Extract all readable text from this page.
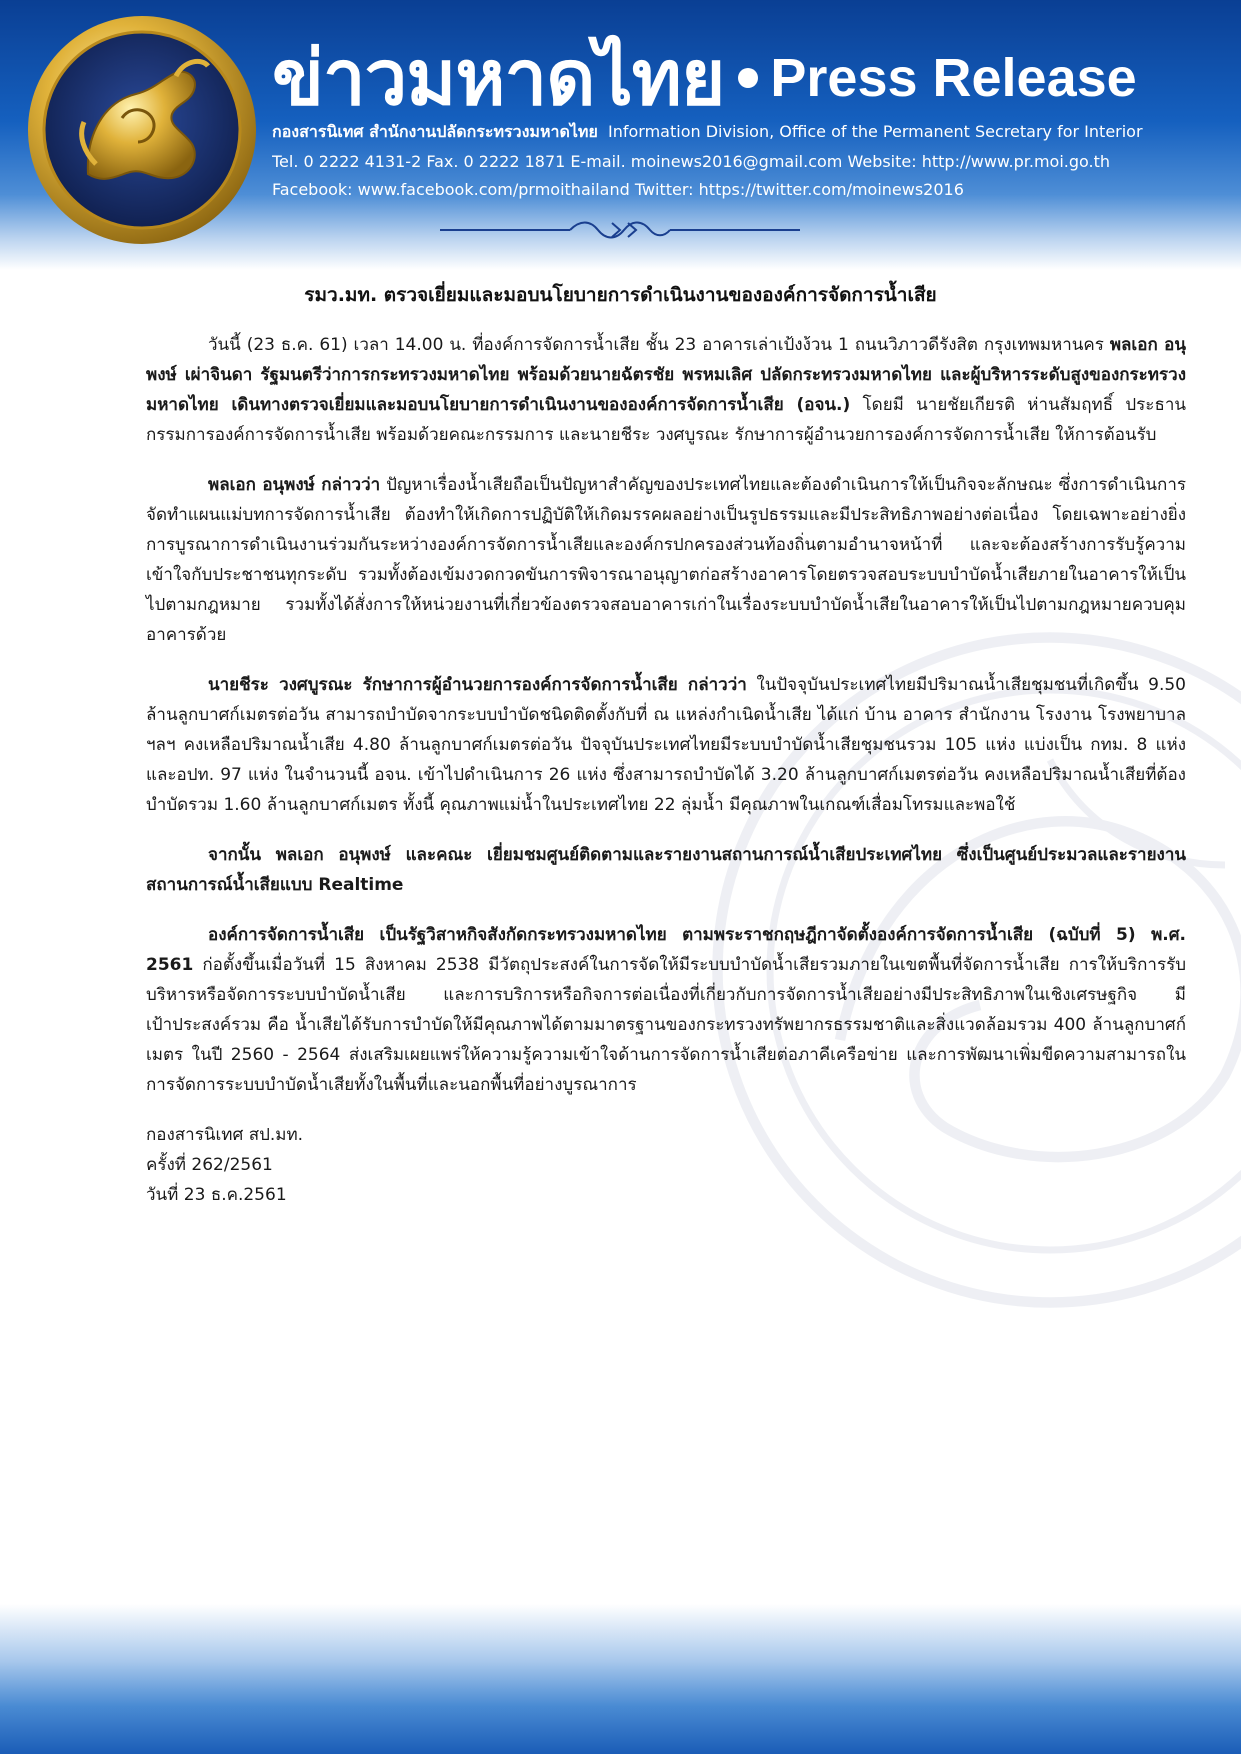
ข่าวมหาดไทย Press Release
กองสารนิเทศ สำนักงานปลัดกระทรวงมหาดไทย Information Division, Office of the Permanent Secretary for Interior
Tel. 0 2222 4131-2 Fax. 0 2222 1871 E-mail. moinews2016@gmail.com Website: http://www.pr.moi.go.th
Facebook: www.facebook.com/prmoithailand Twitter: https://twitter.com/moinews2016
รมว.มท. ตรวจเยี่ยมและมอบนโยบายการดำเนินงานขององค์การจัดการน้ำเสีย

วันนี้ (23 ธ.ค. 61) เวลา 14.00 น. ที่องค์การจัดการน้ำเสีย ชั้น 23 อาคารเล่าเป้งง้วน 1 ถนนวิภาวดีรังสิต กรุงเทพมหานคร พลเอก อนุพงษ์ เผ่าจินดา รัฐมนตรีว่าการกระทรวงมหาดไทย พร้อมด้วยนายฉัตรชัย พรหมเลิศ ปลัดกระทรวงมหาดไทย และผู้บริหารระดับสูงของกระทรวงมหาดไทย เดินทางตรวจเยี่ยมและมอบนโยบายการดำเนินงานขององค์การจัดการน้ำเสีย (อจน.) โดยมี นายชัยเกียรติ ห่านสัมฤทธิ์ ประธานกรรมการองค์การจัดการน้ำเสีย พร้อมด้วยคณะกรรมการ และนายชีระ วงศบูรณะ รักษาการผู้อำนวยการองค์การจัดการน้ำเสีย ให้การต้อนรับ

พลเอก อนุพงษ์ กล่าวว่า ปัญหาเรื่องน้ำเสียถือเป็นปัญหาสำคัญของประเทศไทยและต้องดำเนินการให้เป็นกิจจะลักษณะ ซึ่งการดำเนินการจัดทำแผนแม่บทการจัดการน้ำเสีย ต้องทำให้เกิดการปฏิบัติให้เกิดมรรคผลอย่างเป็นรูปธรรมและมีประสิทธิภาพอย่างต่อเนื่อง โดยเฉพาะอย่างยิ่งการบูรณาการดำเนินงานร่วมกันระหว่างองค์การจัดการน้ำเสียและองค์กรปกครองส่วนท้องถิ่นตามอำนาจหน้าที่ และจะต้องสร้างการรับรู้ความเข้าใจกับประชาชนทุกระดับ รวมทั้งต้องเข้มงวดกวดขันการพิจารณาอนุญาตก่อสร้างอาคารโดยตรวจสอบระบบบำบัดน้ำเสียภายในอาคารให้เป็นไปตามกฎหมาย รวมทั้งได้สั่งการให้หน่วยงานที่เกี่ยวข้องตรวจสอบอาคารเก่าในเรื่องระบบบำบัดน้ำเสียในอาคารให้เป็นไปตามกฎหมายควบคุมอาคารด้วย

นายชีระ วงศบูรณะ รักษาการผู้อำนวยการองค์การจัดการน้ำเสีย กล่าวว่า ในปัจจุบันประเทศไทยมีปริมาณน้ำเสียชุมชนที่เกิดขึ้น 9.50 ล้านลูกบาศก์เมตรต่อวัน สามารถบำบัดจากระบบบำบัดชนิดติดตั้งกับที่ ณ แหล่งกำเนิดน้ำเสีย ได้แก่ บ้าน อาคาร สำนักงาน โรงงาน โรงพยาบาล ฯลฯ คงเหลือปริมาณน้ำเสีย 4.80 ล้านลูกบาศก์เมตรต่อวัน ปัจจุบันประเทศไทยมีระบบบำบัดน้ำเสียชุมชนรวม 105 แห่ง แบ่งเป็น กทม. 8 แห่ง และอปท. 97 แห่ง ในจำนวนนี้ อจน. เข้าไปดำเนินการ 26 แห่ง ซึ่งสามารถบำบัดได้ 3.20 ล้านลูกบาศก์เมตรต่อวัน คงเหลือปริมาณน้ำเสียที่ต้องบำบัดรวม 1.60 ล้านลูกบาศก์เมตร ทั้งนี้ คุณภาพแม่น้ำในประเทศไทย 22 ลุ่มน้ำ มีคุณภาพในเกณฑ์เสื่อมโทรมและพอใช้

จากนั้น พลเอก อนุพงษ์ และคณะ เยี่ยมชมศูนย์ติดตามและรายงานสถานการณ์น้ำเสียประเทศไทย ซึ่งเป็นศูนย์ประมวลและรายงานสถานการณ์น้ำเสียแบบ Realtime

องค์การจัดการน้ำเสีย เป็นรัฐวิสาหกิจสังกัดกระทรวงมหาดไทย ตามพระราชกฤษฎีกาจัดตั้งองค์การจัดการน้ำเสีย (ฉบับที่ 5) พ.ศ. 2561 ก่อตั้งขึ้นเมื่อวันที่ 15 สิงหาคม 2538 มีวัตถุประสงค์ในการจัดให้มีระบบบำบัดน้ำเสียรวมภายในเขตพื้นที่จัดการน้ำเสีย การให้บริการรับบริหารหรือจัดการระบบบำบัดน้ำเสีย และการบริการหรือกิจการต่อเนื่องที่เกี่ยวกับการจัดการน้ำเสียอย่างมีประสิทธิภาพในเชิงเศรษฐกิจ มีเป้าประสงค์รวม คือ น้ำเสียได้รับการบำบัดให้มีคุณภาพได้ตามมาตรฐานของกระทรวงทรัพยากรธรรมชาติและสิ่งแวดล้อมรวม 400 ล้านลูกบาศก์เมตร ในปี 2560 - 2564 ส่งเสริมเผยแพร่ให้ความรู้ความเข้าใจด้านการจัดการน้ำเสียต่อภาคีเครือข่าย และการพัฒนาเพิ่มขีดความสามารถในการจัดการระบบบำบัดน้ำเสียทั้งในพื้นที่และนอกพื้นที่อย่างบูรณาการ

กองสารนิเทศ สป.มท.
ครั้งที่ 262/2561
วันที่ 23 ธ.ค.2561
